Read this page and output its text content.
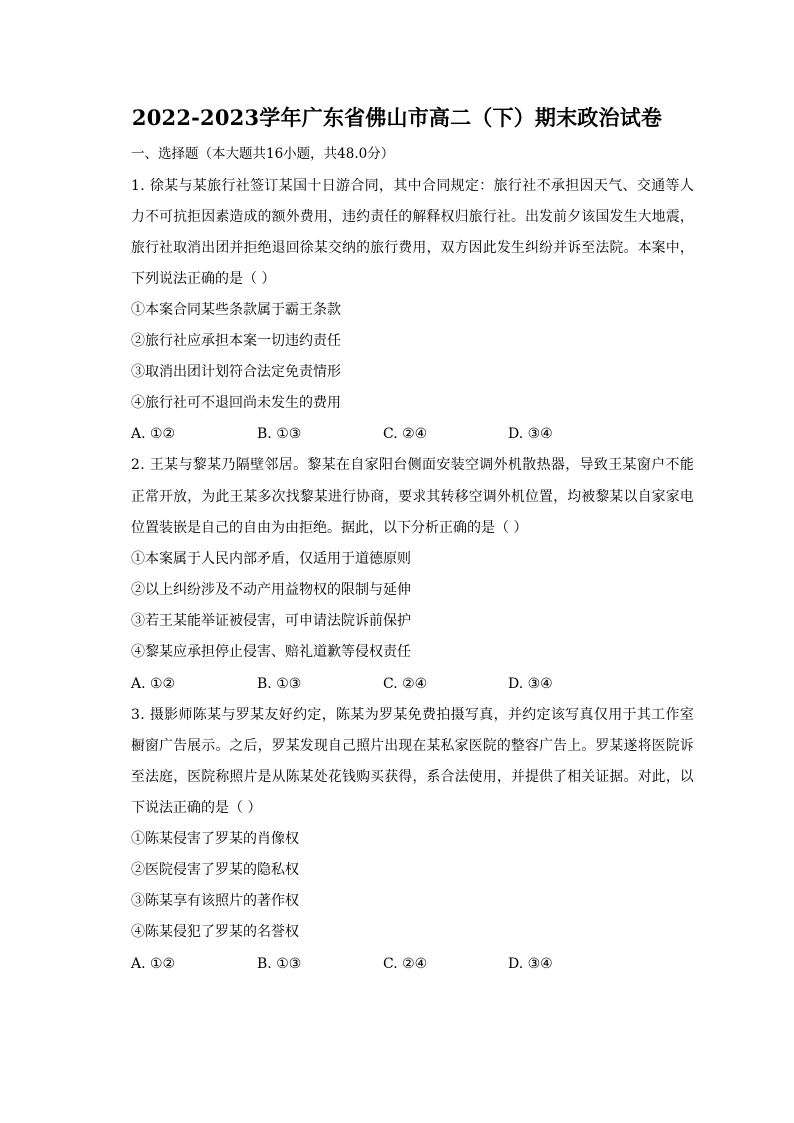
2022-2023学年广东省佛山市高二（下）期末政治试卷
一、选择题（本大题共16小题，共48.0分）
1. 徐某与某旅行社签订某国十日游合同，其中合同规定：旅行社不承担因天气、交通等人
力不可抗拒因素造成的额外费用，违约责任的解释权归旅行社。出发前夕该国发生大地震，
旅行社取消出团并拒绝退回徐某交纳的旅行费用，双方因此发生纠纷并诉至法院。本案中，
下列说法正确的是（ ）
①本案合同某些条款属于霸王条款
②旅行社应承担本案一切违约责任
③取消出团计划符合法定免责情形
④旅行社可不退回尚未发生的费用
A. ①②	B. ①③	C. ②④	D. ③④
2. 王某与黎某乃隔壁邻居。黎某在自家阳台侧面安装空调外机散热器，导致王某窗户不能
正常开放，为此王某多次找黎某进行协商，要求其转移空调外机位置，均被黎某以自家家电
位置装嵌是自己的自由为由拒绝。据此，以下分析正确的是（ ）
①本案属于人民内部矛盾，仅适用于道德原则
②以上纠纷涉及不动产用益物权的限制与延伸
③若王某能举证被侵害，可申请法院诉前保护
④黎某应承担停止侵害、赔礼道歉等侵权责任
A. ①②	B. ①③	C. ②④	D. ③④
3. 摄影师陈某与罗某友好约定，陈某为罗某免费拍摄写真，并约定该写真仅用于其工作室
橱窗广告展示。之后，罗某发现自己照片出现在某私家医院的整容广告上。罗某遂将医院诉
至法庭，医院称照片是从陈某处花钱购买获得，系合法使用，并提供了相关证据。对此，以
下说法正确的是（ ）
①陈某侵害了罗某的肖像权
②医院侵害了罗某的隐私权
③陈某享有该照片的著作权
④陈某侵犯了罗某的名誉权
A. ①②	B. ①③	C. ②④	D. ③④
